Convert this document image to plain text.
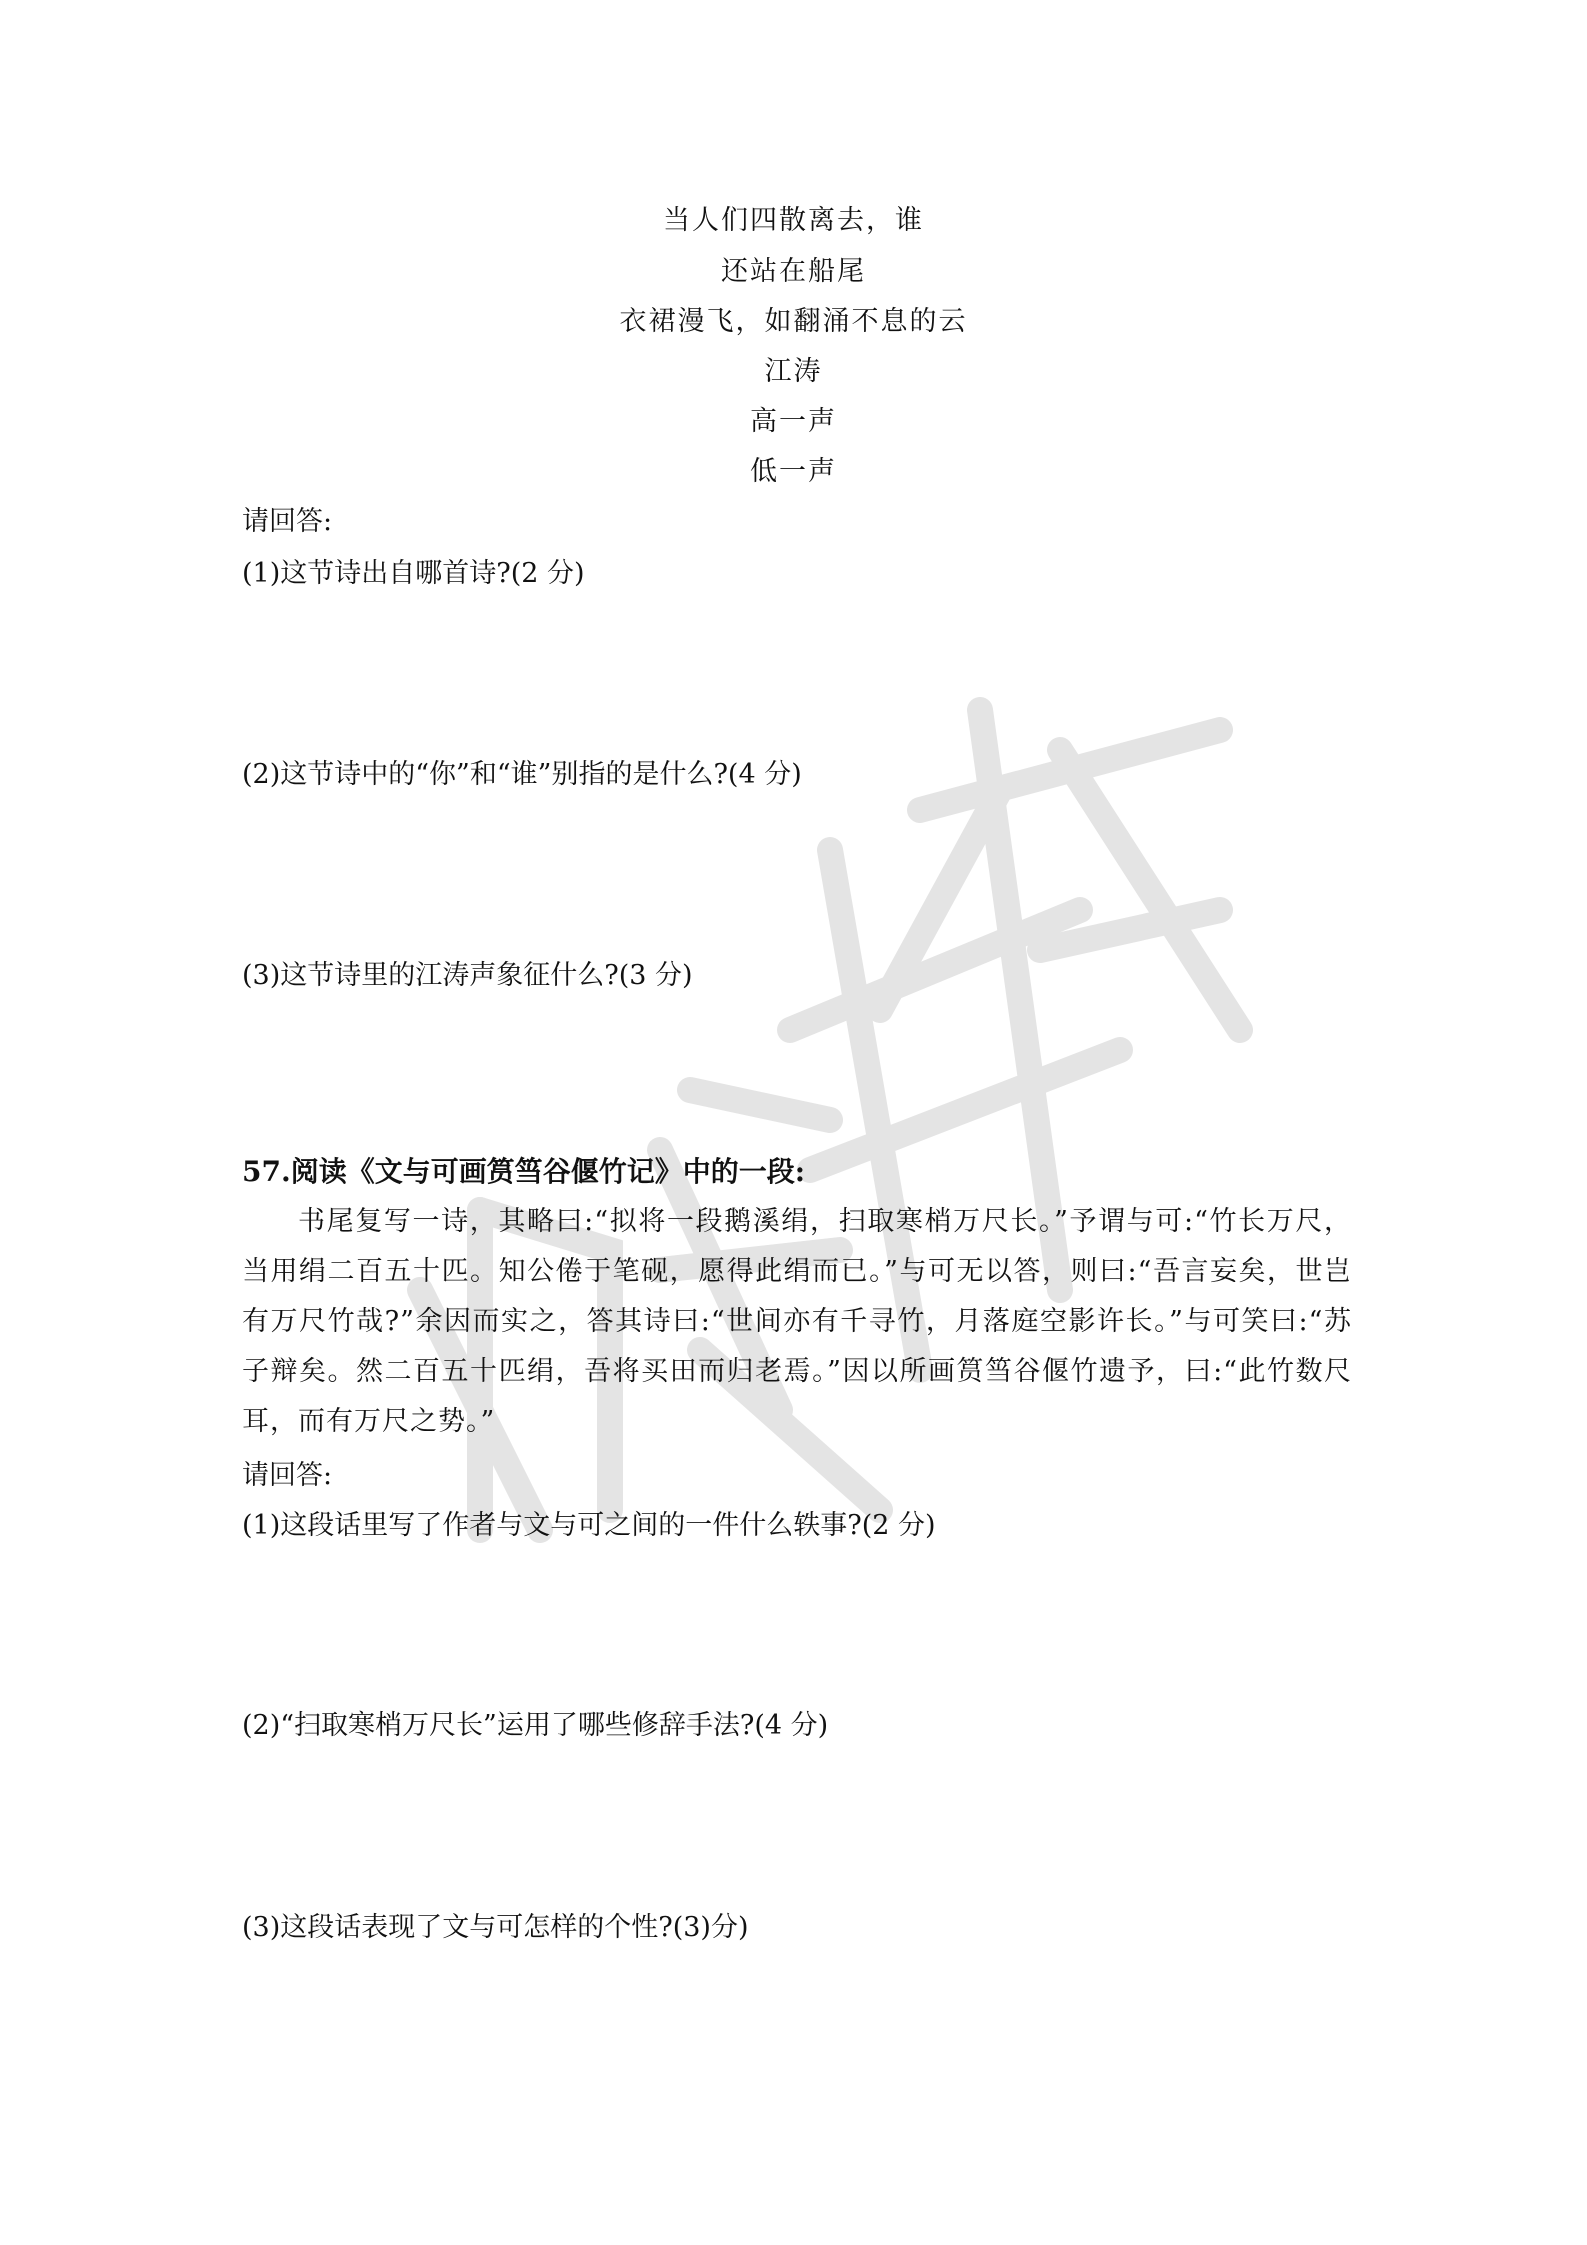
当人们四散离去，谁
还站在船尾
衣裙漫飞，如翻涌不息的云
江涛
高一声
低一声
请回答:
(1)这节诗出自哪首诗?(2 分)
(2)这节诗中的“你”和“谁”别指的是什么?(4 分)
(3)这节诗里的江涛声象征什么?(3 分)
57.阅读《文与可画筼筜谷偃竹记》中的一段:
书尾复写一诗，其略曰:“拟将一段鹅溪绢，扫取寒梢万尺长。”予谓与可:“竹长万尺，当用绢二百五十匹。知公倦于笔砚，愿得此绢而已。”与可无以答，则曰:“吾言妄矣，世岂有万尺竹哉?”余因而实之，答其诗曰:“世间亦有千寻竹，月落庭空影许长。”与可笑曰:“苏子辩矣。然二百五十匹绢，吾将买田而归老焉。”因以所画筼筜谷偃竹遗予，曰:“此竹数尺耳，而有万尺之势。”
请回答:
(1)这段话里写了作者与文与可之间的一件什么轶事?(2 分)
(2)“扫取寒梢万尺长”运用了哪些修辞手法?(4 分)
(3)这段话表现了文与可怎样的个性?(3)分)
